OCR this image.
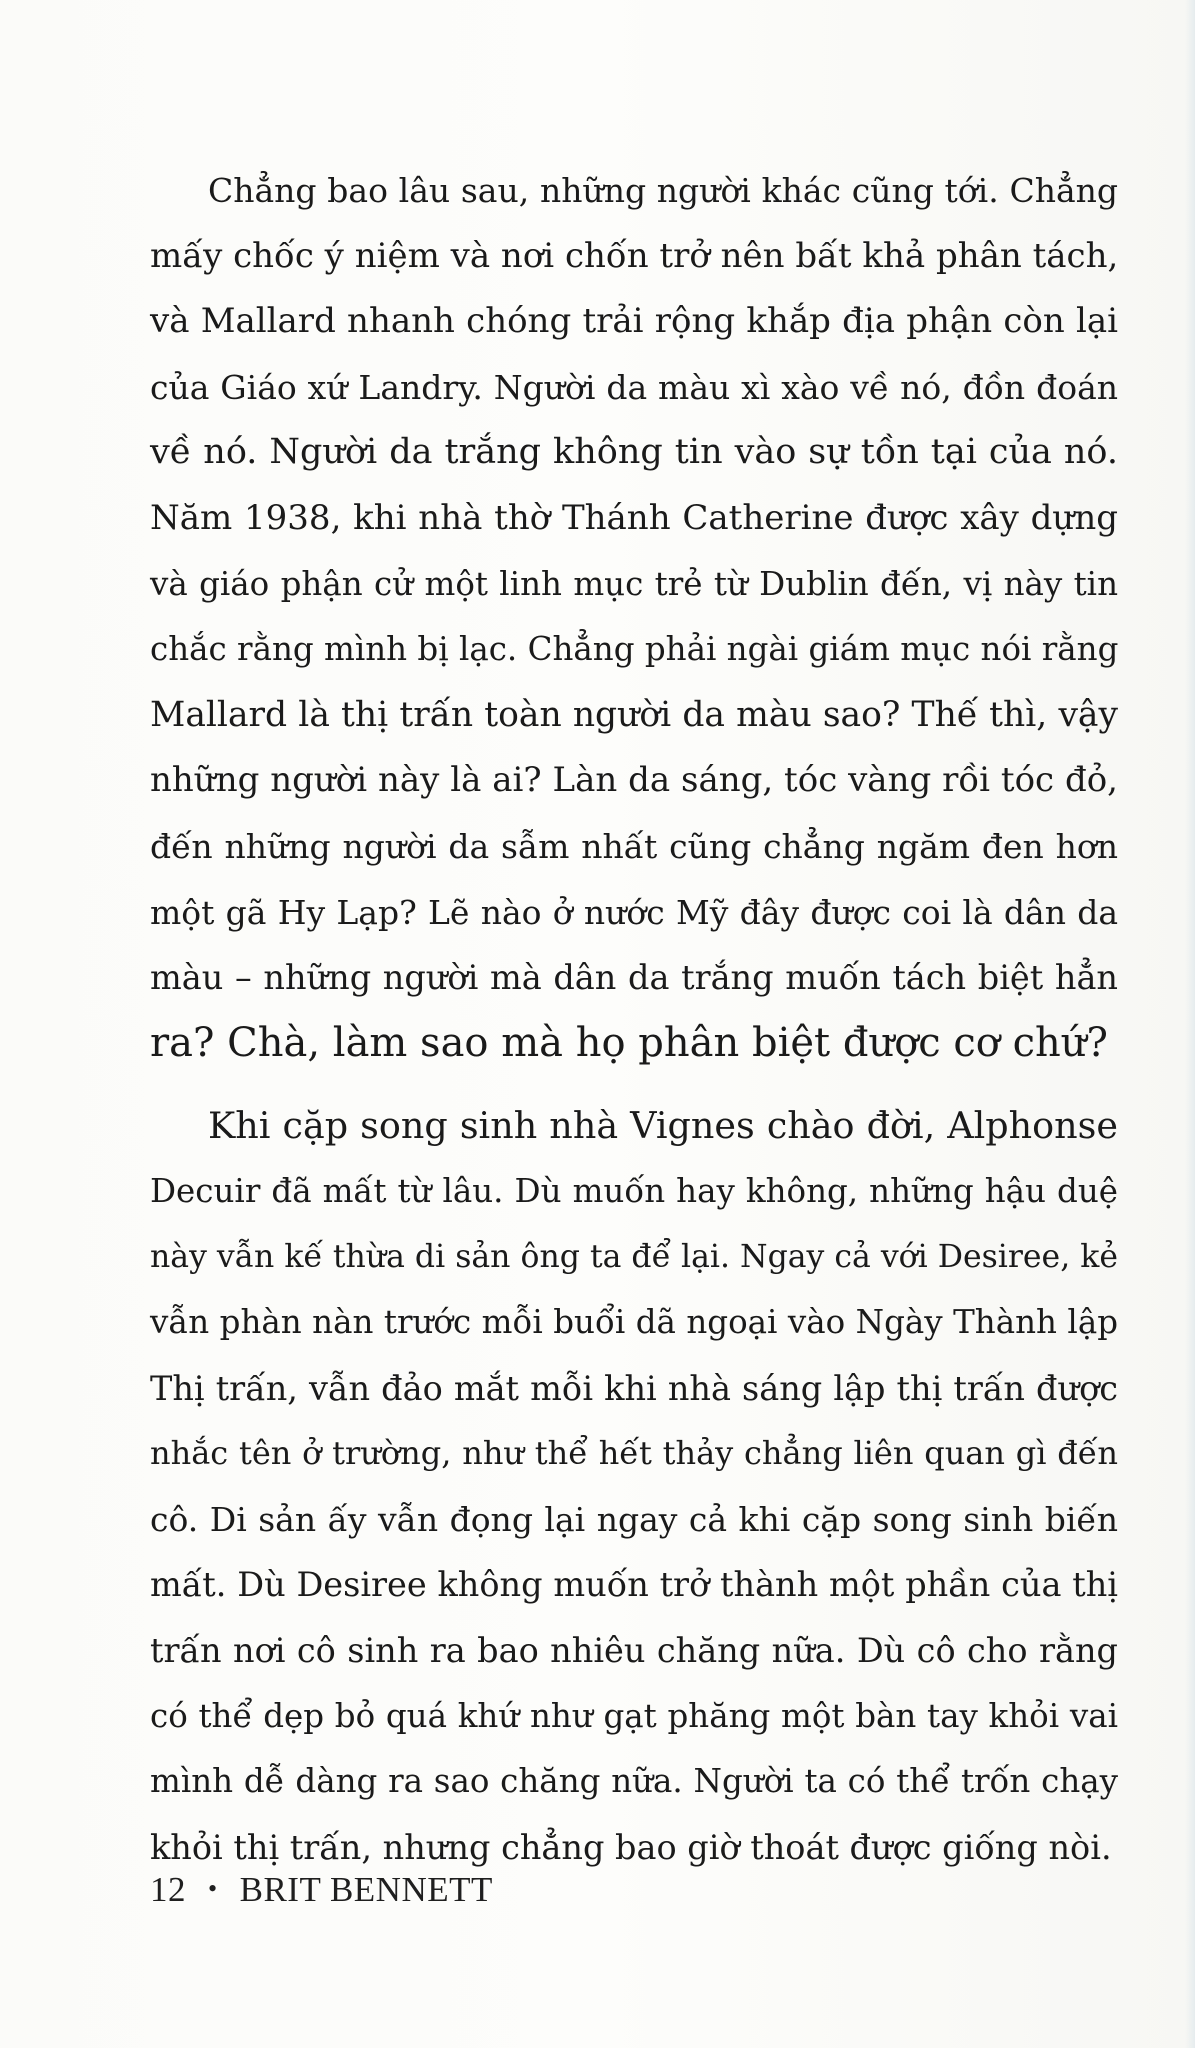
Chẳng bao lâu sau, những người khác cũng tới. Chẳng
mấy chốc ý niệm và nơi chốn trở nên bất khả phân tách,
và Mallard nhanh chóng trải rộng khắp địa phận còn lại
của Giáo xứ Landry. Người da màu xì xào về nó, đồn đoán
về nó. Người da trắng không tin vào sự tồn tại của nó.
Năm 1938, khi nhà thờ Thánh Catherine được xây dựng
và giáo phận cử một linh mục trẻ từ Dublin đến, vị này tin
chắc rằng mình bị lạc. Chẳng phải ngài giám mục nói rằng
Mallard là thị trấn toàn người da màu sao? Thế thì, vậy
những người này là ai? Làn da sáng, tóc vàng rồi tóc đỏ,
đến những người da sẫm nhất cũng chẳng ngăm đen hơn
một gã Hy Lạp? Lẽ nào ở nước Mỹ đây được coi là dân da
màu – những người mà dân da trắng muốn tách biệt hẳn
ra? Chà, làm sao mà họ phân biệt được cơ chứ?

Khi cặp song sinh nhà Vignes chào đời, Alphonse
Decuir đã mất từ lâu. Dù muốn hay không, những hậu duệ
này vẫn kế thừa di sản ông ta để lại. Ngay cả với Desiree, kẻ
vẫn phàn nàn trước mỗi buổi dã ngoại vào Ngày Thành lập
Thị trấn, vẫn đảo mắt mỗi khi nhà sáng lập thị trấn được
nhắc tên ở trường, như thể hết thảy chẳng liên quan gì đến
cô. Di sản ấy vẫn đọng lại ngay cả khi cặp song sinh biến
mất. Dù Desiree không muốn trở thành một phần của thị
trấn nơi cô sinh ra bao nhiêu chăng nữa. Dù cô cho rằng
có thể dẹp bỏ quá khứ như gạt phăng một bàn tay khỏi vai
mình dễ dàng ra sao chăng nữa. Người ta có thể trốn chạy
khỏi thị trấn, nhưng chẳng bao giờ thoát được giống nòi.

12 • BRIT BENNETT
